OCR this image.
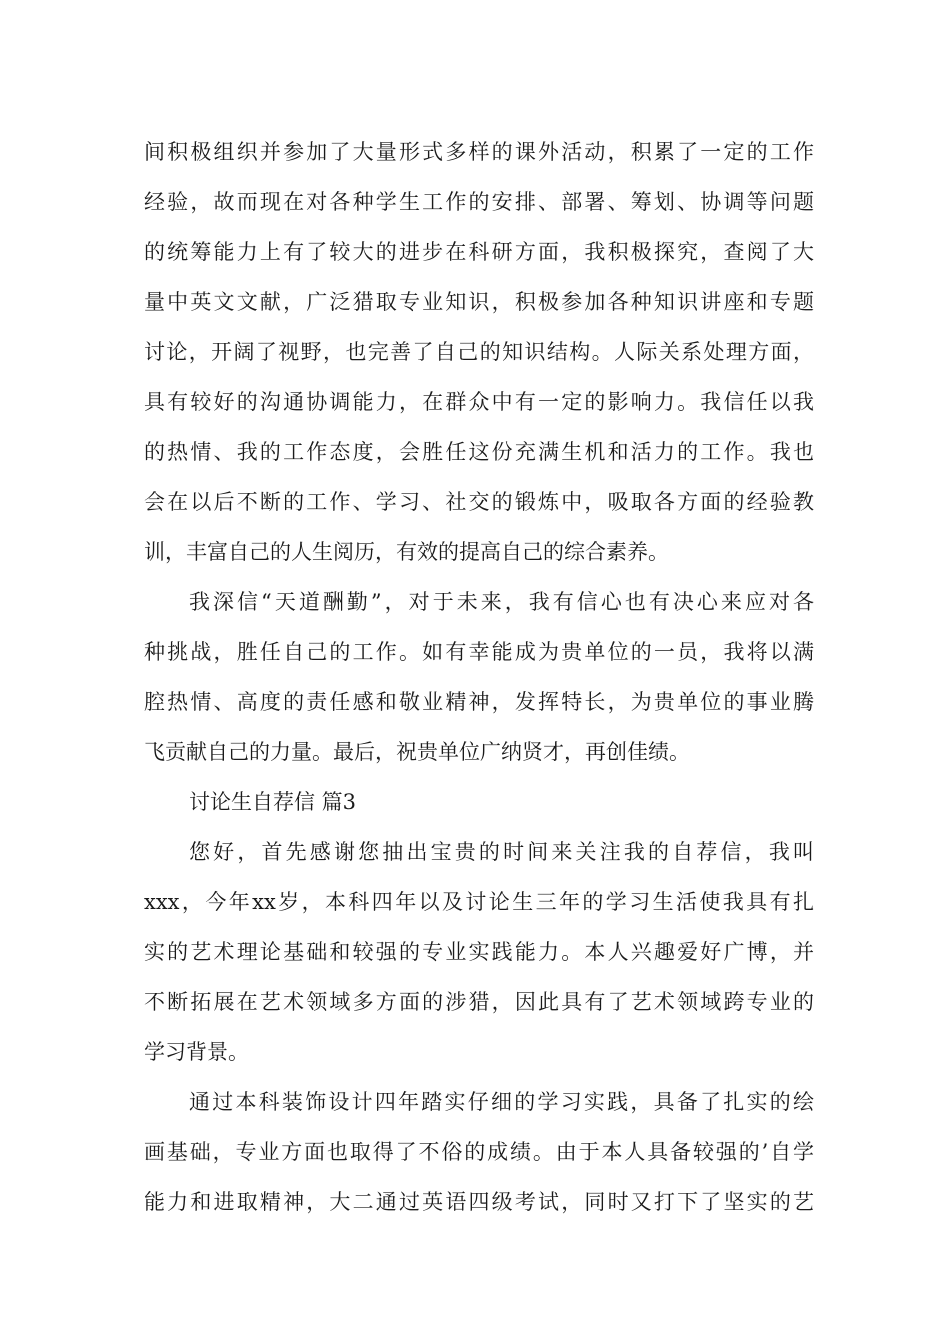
间积极组织并参加了大量形式多样的课外活动，积累了一定的工作
经验，故而现在对各种学生工作的安排、部署、筹划、协调等问题
的统筹能力上有了较大的进步在科研方面，我积极探究，查阅了大
量中英文文献，广泛猎取专业知识，积极参加各种知识讲座和专题
讨论，开阔了视野，也完善了自己的知识结构。人际关系处理方面，
具有较好的沟通协调能力，在群众中有一定的影响力。我信任以我
的热情、我的工作态度，会胜任这份充满生机和活力的工作。我也
会在以后不断的工作、学习、社交的锻炼中，吸取各方面的经验教
训，丰富自己的人生阅历，有效的提高自己的综合素养。
我深信“天道酬勤”，对于未来，我有信心也有决心来应对各
种挑战，胜任自己的工作。如有幸能成为贵单位的一员，我将以满
腔热情、高度的责任感和敬业精神，发挥特长，为贵单位的事业腾
飞贡献自己的力量。最后，祝贵单位广纳贤才，再创佳绩。
讨论生自荐信 篇3
您好，首先感谢您抽出宝贵的时间来关注我的自荐信，我叫
xxx，今年xx岁，本科四年以及讨论生三年的学习生活使我具有扎
实的艺术理论基础和较强的专业实践能力。本人兴趣爱好广博，并
不断拓展在艺术领域多方面的涉猎，因此具有了艺术领域跨专业的
学习背景。
通过本科装饰设计四年踏实仔细的学习实践，具备了扎实的绘
画基础，专业方面也取得了不俗的成绩。由于本人具备较强的’自学
能力和进取精神，大二通过英语四级考试，同时又打下了坚实的艺
